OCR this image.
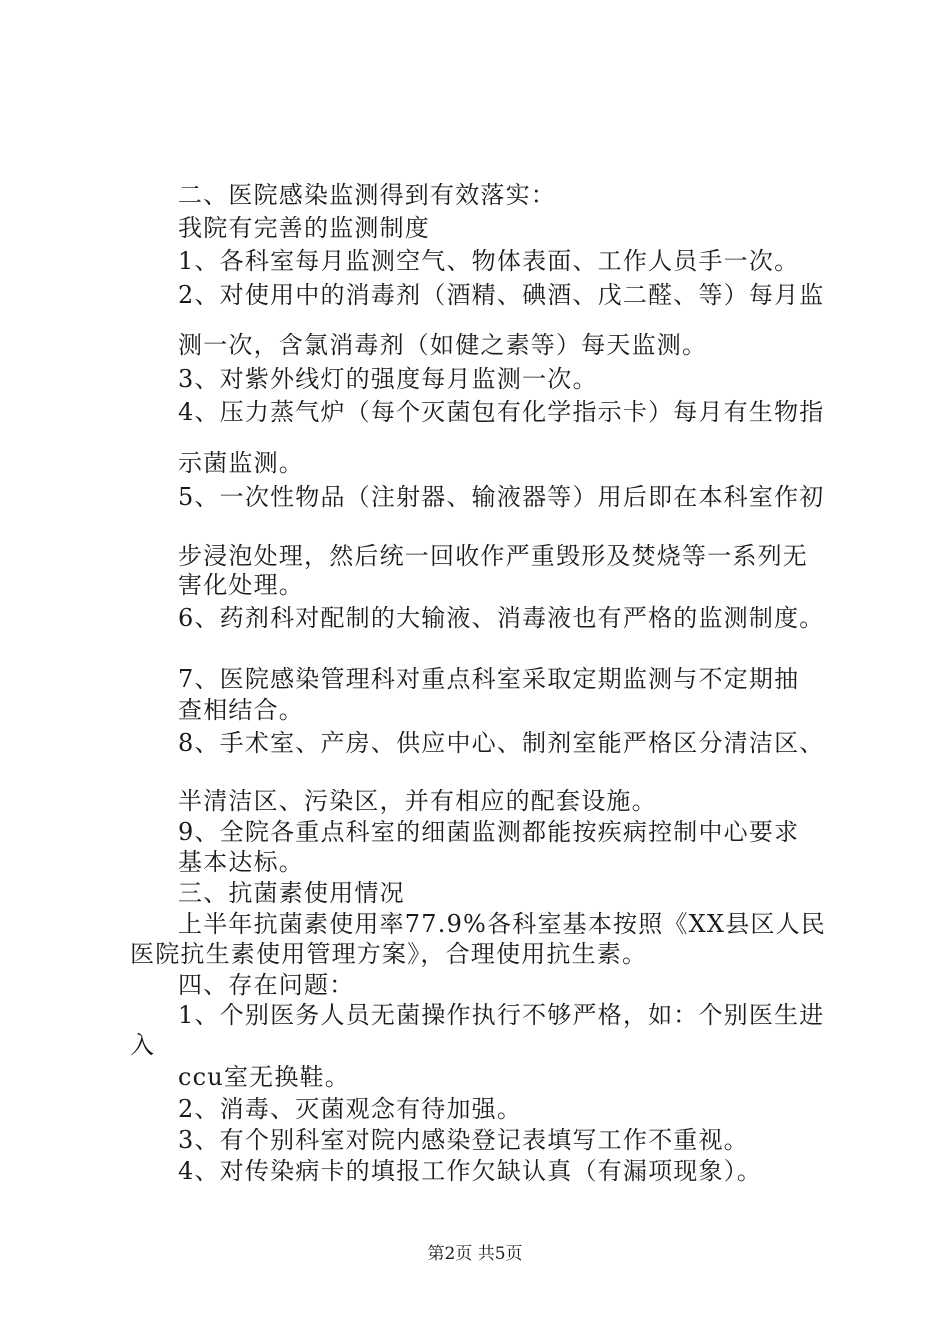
二、医院感染监测得到有效落实：
我院有完善的监测制度
1、各科室每月监测空气、物体表面、工作人员手一次。
2、对使用中的消毒剂（酒精、碘酒、戊二醛、等）每月监
测一次，含氯消毒剂（如健之素等）每天监测。
3、对紫外线灯的强度每月监测一次。
4、压力蒸气炉（每个灭菌包有化学指示卡）每月有生物指
示菌监测。
5、一次性物品（注射器、输液器等）用后即在本科室作初
步浸泡处理，然后统一回收作严重毁形及焚烧等一系列无
害化处理。
6、药剂科对配制的大输液、消毒液也有严格的监测制度。
7、医院感染管理科对重点科室采取定期监测与不定期抽
查相结合。
8、手术室、产房、供应中心、制剂室能严格区分清洁区、
半清洁区、污染区，并有相应的配套设施。
9、全院各重点科室的细菌监测都能按疾病控制中心要求
基本达标。
三、抗菌素使用情况
上半年抗菌素使用率77.9%各科室基本按照《XX县区人民
医院抗生素使用管理方案》，合理使用抗生素。
四、存在问题：
1、个别医务人员无菌操作执行不够严格，如：个别医生进
入
ccu室无换鞋。
2、消毒、灭菌观念有待加强。
3、有个别科室对院内感染登记表填写工作不重视。
4、对传染病卡的填报工作欠缺认真（有漏项现象）。
第2页 共5页
